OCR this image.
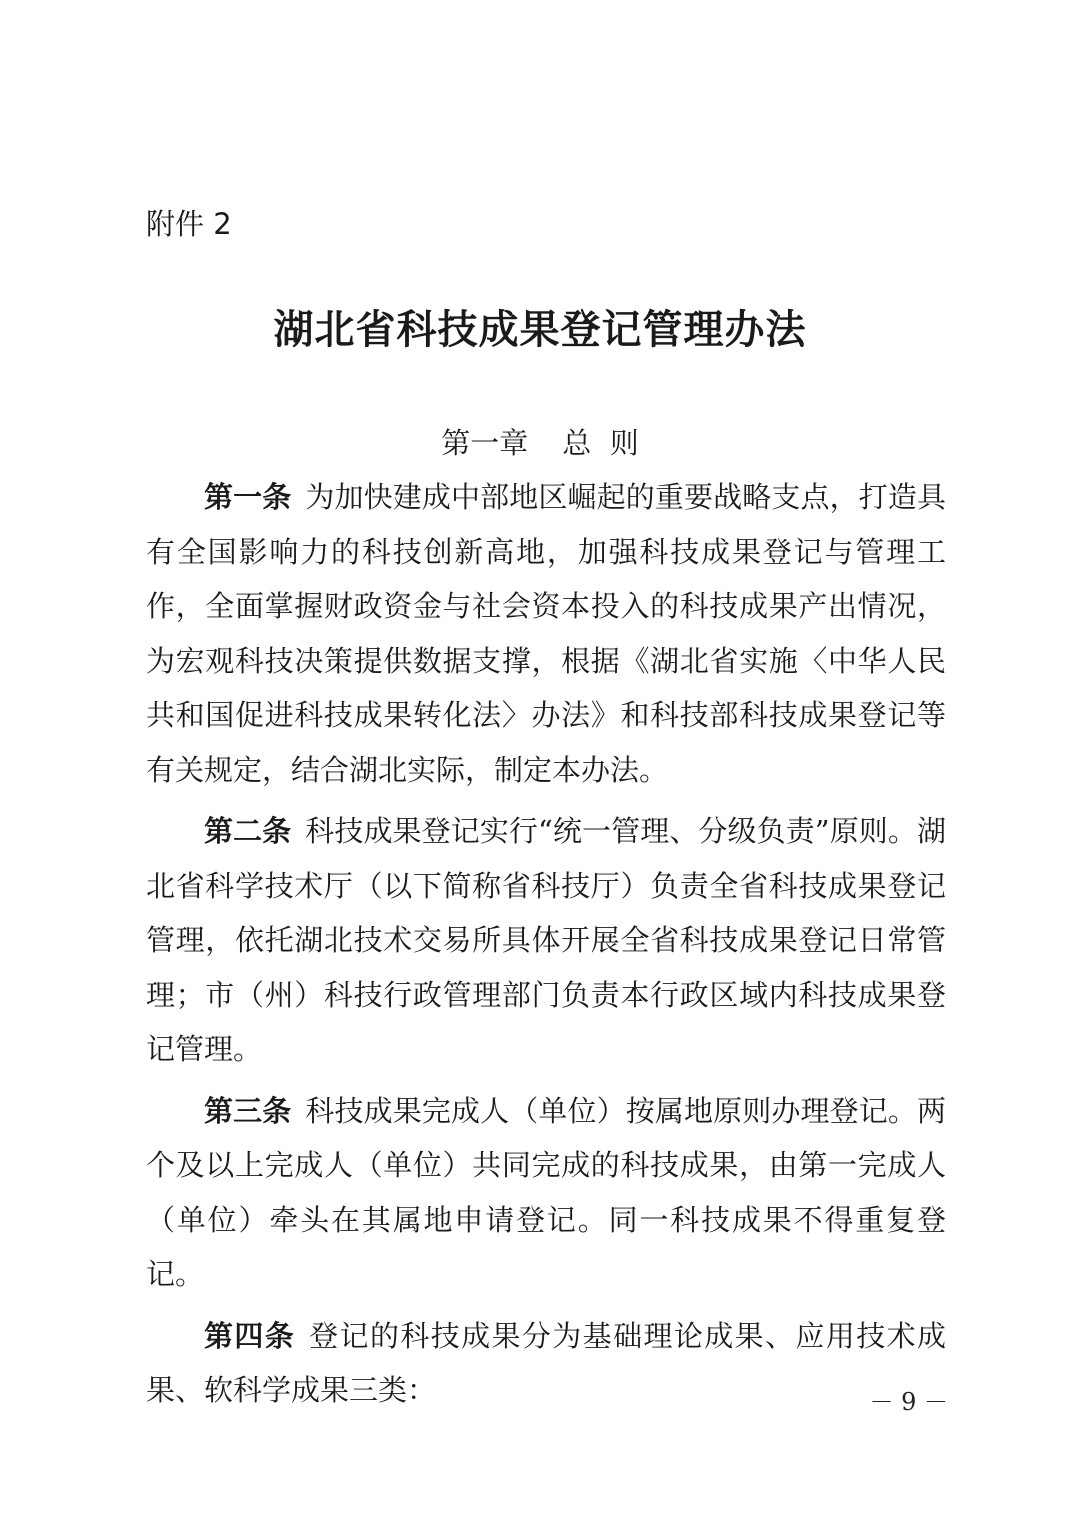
附件 2
湖北省科技成果登记管理办法
第一章 总  则

第一条 为加快建成中部地区崛起的重要战略支点，打造具有全国影响力的科技创新高地，加强科技成果登记与管理工作，全面掌握财政资金与社会资本投入的科技成果产出情况，为宏观科技决策提供数据支撑，根据《湖北省实施〈中华人民共和国促进科技成果转化法〉办法》和科技部科技成果登记等有关规定，结合湖北实际，制定本办法。

第二条 科技成果登记实行“统一管理、分级负责”原则。湖北省科学技术厅（以下简称省科技厅）负责全省科技成果登记管理，依托湖北技术交易所具体开展全省科技成果登记日常管理；市（州）科技行政管理部门负责本行政区域内科技成果登记管理。

第三条 科技成果完成人（单位）按属地原则办理登记。两个及以上完成人（单位）共同完成的科技成果，由第一完成人（单位）牵头在其属地申请登记。同一科技成果不得重复登记。

第四条 登记的科技成果分为基础理论成果、应用技术成果、软科学成果三类：	－ 9 －
